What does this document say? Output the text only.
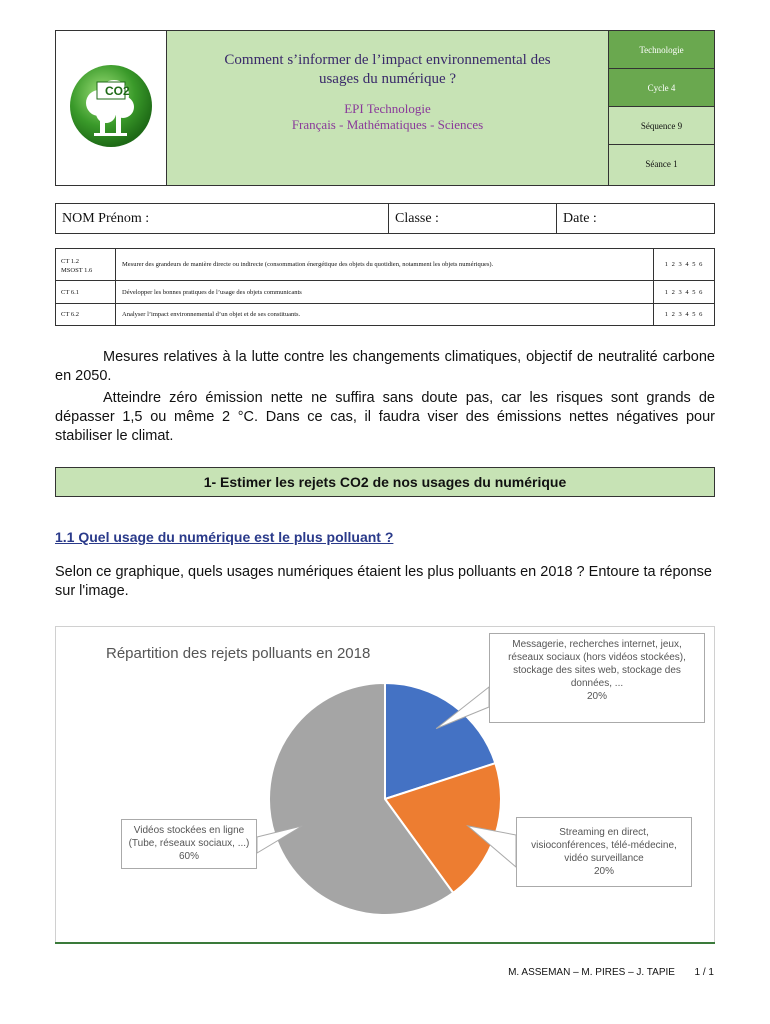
CO2
Comment s’informer de l’impact environnemental des
usages du numérique ?
EPI Technologie
Français - Mathématiques - Sciences
Technologie
Cycle 4
Séquence 9
Séance 1
NOM Prénom :	Classe :	Date :
CT 1.2
MSOST 1.6
Mesurer des grandeurs de manière directe ou indirecte (consommation énergétique des objets du quotidien, notamment les objets numériques).	1 2 3 4 5 6
CT 6.1	Développer les bonnes pratiques de l’usage des objets communicants	1 2 3 4 5 6
CT 6.2	Analyser l’impact environnemental d’un objet et de ses constituants.	1 2 3 4 5 6
Mesures relatives à la lutte contre les changements climatiques, objectif de neutralité carbone en 2050.
Atteindre zéro émission nette ne suffira sans doute pas, car les risques sont grands de dépasser 1,5 ou même 2 °C. Dans ce cas, il faudra viser des émissions nettes négatives pour stabiliser le climat.
1- Estimer les rejets CO2 de nos usages du numérique
1.1 Quel usage du numérique est le plus polluant ?
Selon ce graphique, quels usages numériques étaient les plus polluants en 2018 ? Entoure ta réponse sur l'image.
Répartition des rejets polluants en 2018
Messagerie, recherches internet, jeux, réseaux sociaux (hors vidéos stockées), stockage des sites web, stockage des données, ...
20%
Streaming en direct, visioconférences, télé-médecine, vidéo surveillance
20%
Vidéos stockées en ligne (Tube, réseaux sociaux, ...)
60%
M. ASSEMAN – M. PIRES – J. TAPIE 1 / 1
